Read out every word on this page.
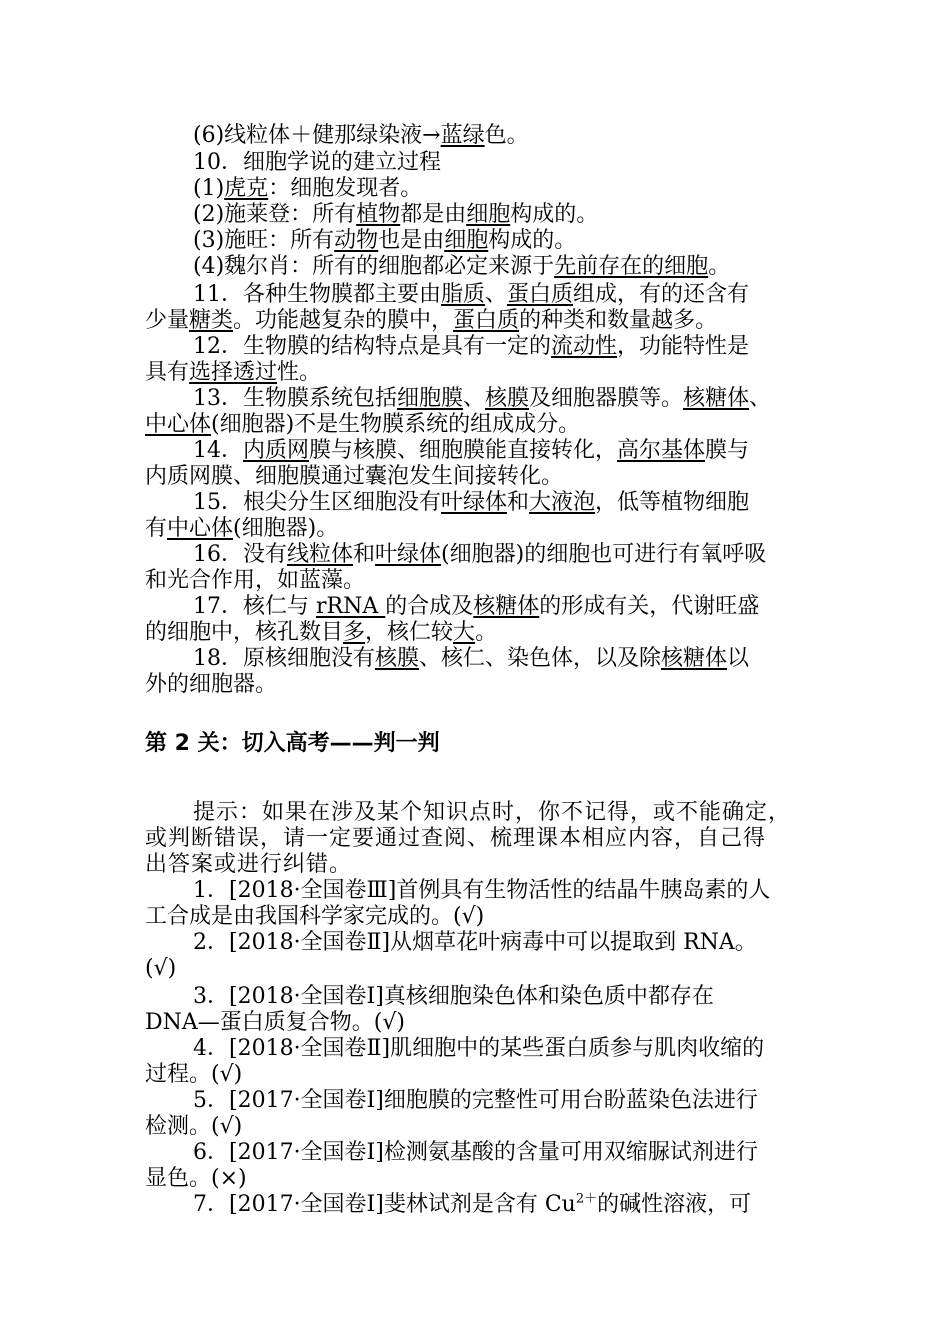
(6)线粒体＋健那绿染液→蓝绿色。
10．细胞学说的建立过程
(1)虎克：细胞发现者。
(2)施莱登：所有植物都是由细胞构成的。
(3)施旺：所有动物也是由细胞构成的。
(4)魏尔肖：所有的细胞都必定来源于先前存在的细胞。
11．各种生物膜都主要由脂质、蛋白质组成，有的还含有
少量糖类。功能越复杂的膜中，蛋白质的种类和数量越多。
12．生物膜的结构特点是具有一定的流动性，功能特性是
具有选择透过性。
13．生物膜系统包括细胞膜、核膜及细胞器膜等。核糖体、
中心体(细胞器)不是生物膜系统的组成成分。
14．内质网膜与核膜、细胞膜能直接转化，高尔基体膜与
内质网膜、细胞膜通过囊泡发生间接转化。
15．根尖分生区细胞没有叶绿体和大液泡，低等植物细胞
有中心体(细胞器)。
16．没有线粒体和叶绿体(细胞器)的细胞也可进行有氧呼吸
和光合作用，如蓝藻。
17．核仁与 rRNA 的合成及核糖体的形成有关，代谢旺盛
的细胞中，核孔数目多，核仁较大。
18．原核细胞没有核膜、核仁、染色体，以及除核糖体以
外的细胞器。
第 2 关：切入高考——判一判
提示：如果在涉及某个知识点时，你不记得，或不能确定，
或判断错误，请一定要通过查阅、梳理课本相应内容，自己得
出答案或进行纠错。
1．[2018·全国卷Ⅲ]首例具有生物活性的结晶牛胰岛素的人
工合成是由我国科学家完成的。(√)
2．[2018·全国卷Ⅱ]从烟草花叶病毒中可以提取到 RNA。
(√)
3．[2018·全国卷Ⅰ]真核细胞染色体和染色质中都存在
DNA—蛋白质复合物。(√)
4．[2018·全国卷Ⅱ]肌细胞中的某些蛋白质参与肌肉收缩的
过程。(√)
5．[2017·全国卷Ⅰ]细胞膜的完整性可用台盼蓝染色法进行
检测。(√)
6．[2017·全国卷Ⅰ]检测氨基酸的含量可用双缩脲试剂进行
显色。(×)
7．[2017·全国卷Ⅰ]斐林试剂是含有 $Cu^{2+}$的碱性溶液，可
